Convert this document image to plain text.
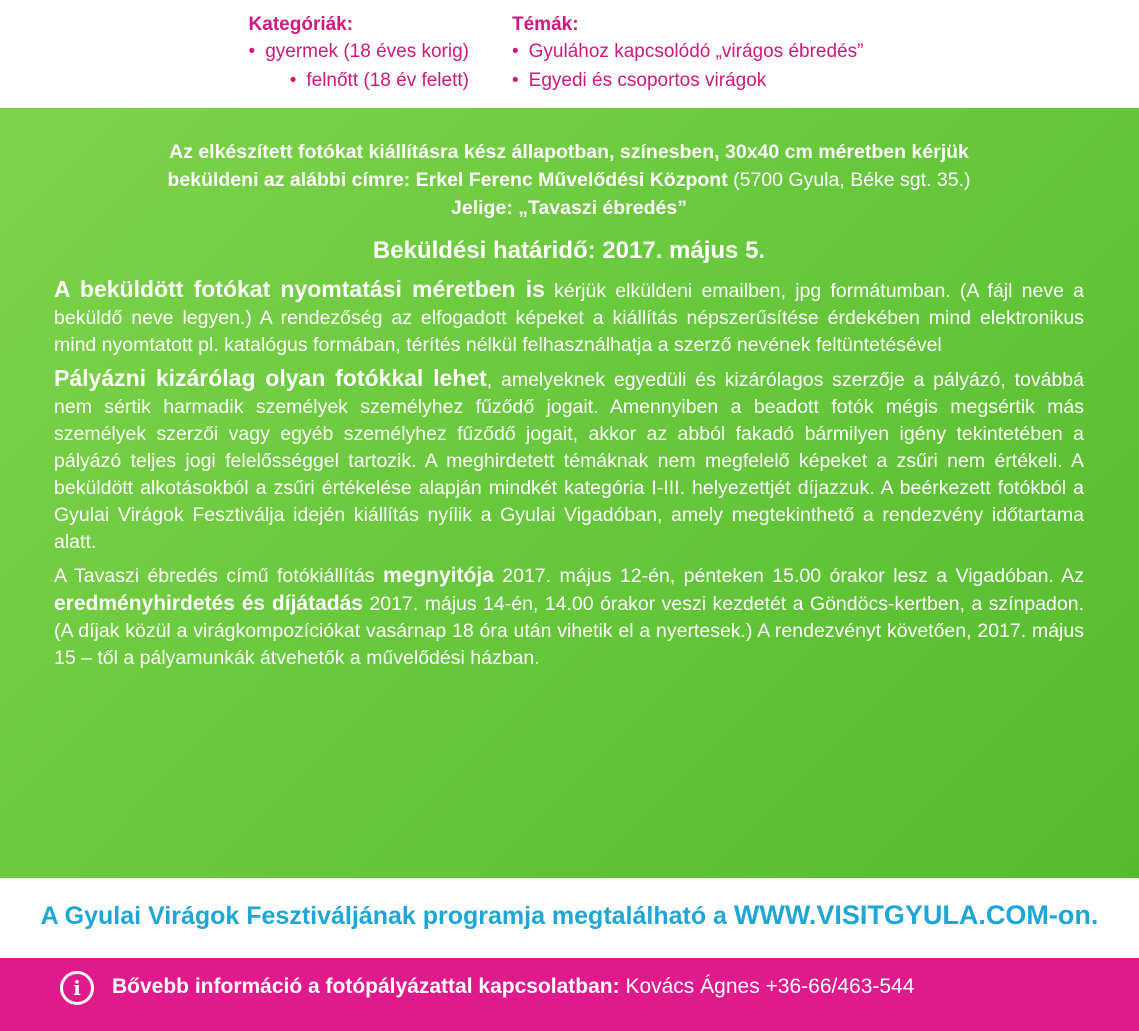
Kategóriák:
• gyermek (18 éves korig)
• felnőtt (18 év felett)
Témák:
• Gyulához kapcsolódó „virágos ébredés”
• Egyedi és csoportos virágok

Az elkészített fotókat kiállításra kész állapotban, színesben, 30x40 cm méretben kérjük

beküldeni az alábbi címre: Erkel Ferenc Művelődési Központ (5700 Gyula, Béke sgt. 35.)

Jelige: „Tavaszi ébredés”

Beküldési határidő: 2017. május 5.

A beküldött fotókat nyomtatási méretben is kérjük elküldeni emailben, jpg formátumban. (A fájl neve a beküldő neve legyen.) A rendezőség az elfogadott képeket a kiállítás népszerűsítése érdekében mind elektronikus mind nyomtatott pl. katalógus formában, térítés nélkül felhasználhatja a szerző nevének feltüntetésével

Pályázni kizárólag olyan fotókkal lehet, amelyeknek egyedüli és kizárólagos szerzője a pályázó, továbbá nem sértik harmadik személyek személyhez fűződő jogait. Amennyiben a beadott fotók mégis megsértik más személyek szerzői vagy egyéb személyhez fűződő jogait, akkor az abból fakadó bármilyen igény tekintetében a pályázó teljes jogi felelősséggel tartozik. A meghirdetett témáknak nem megfelelő képeket a zsűri nem értékeli. A beküldött alkotásokból a zsűri értékelése alapján mindkét kategória I-III. helyezettjét díjazzuk. A beérkezett fotókból a Gyulai Virágok Fesztiválja idején kiállítás nyílik a Gyulai Vigadóban, amely megtekinthető a rendezvény időtartama alatt.

A Tavaszi ébredés című fotókiállítás megnyitója 2017. május 12-én, pénteken 15.00 órakor lesz a Vigadóban. Az eredményhirdetés és díjátadás 2017. május 14-én, 14.00 órakor veszi kezdetét a Göndöcs-kertben, a színpadon. (A díjak közül a virágkompozíciókat vasárnap 18 óra után vihetik el a nyertesek.) A rendezvényt követően, 2017. május 15 – től a pályamunkák átvehetők a művelődési házban.

A Gyulai Virágok Fesztiváljának programja megtalálható a WWW.VISITGYULA.COM-on.
i	Bővebb információ a fotópályázattal kapcsolatban: Kovács Ágnes +36-66/463-544
